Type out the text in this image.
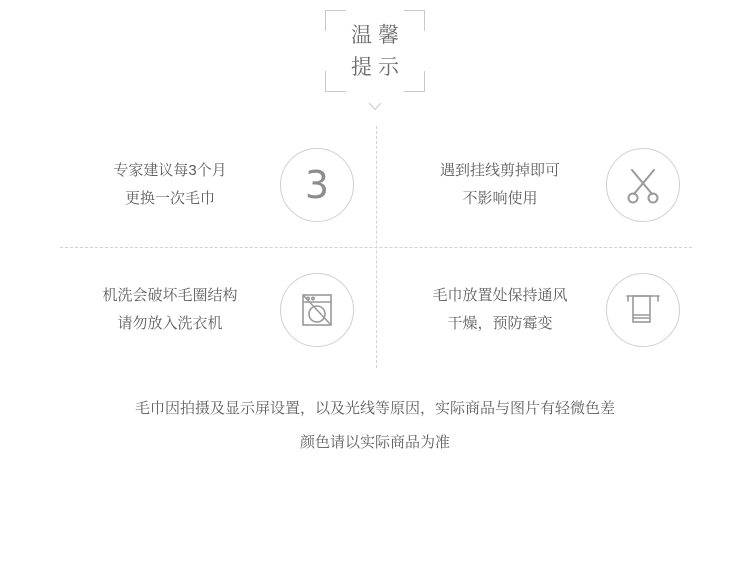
温馨
提示
专家建议每3个月
更换一次毛巾	3	遇到挂线剪掉即可
不影响使用
机洗会破坏毛圈结构
请勿放入洗衣机
毛巾放置处保持通风
干燥，预防霉变
毛巾因拍摄及显示屏设置，以及光线等原因，实际商品与图片有轻微色差
颜色请以实际商品为准
